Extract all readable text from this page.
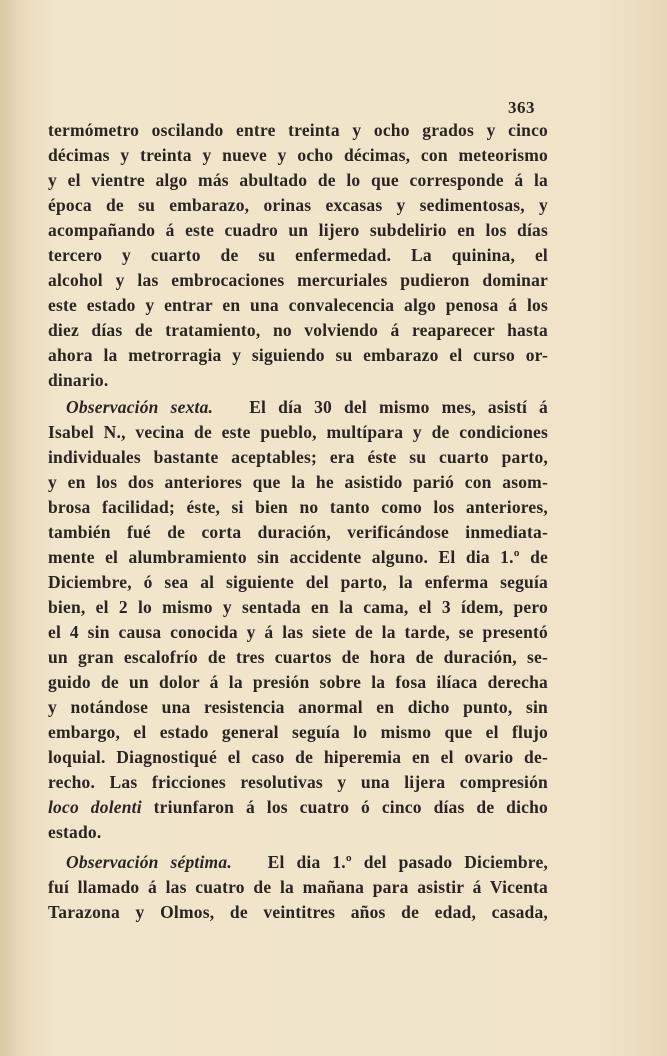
363
termómetro oscilando entre treinta y ocho grados y cinco
décimas y treinta y nueve y ocho décimas, con meteorismo
y el vientre algo más abultado de lo que corresponde á la
época de su embarazo, orinas excasas y sedimentosas, y
acompañando á este cuadro un lijero subdelirio en los días
tercero y cuarto de su enfermedad. La quinina, el
alcohol y las embrocaciones mercuriales pudieron dominar
este estado y entrar en una convalecencia algo penosa á los
diez días de tratamiento, no volviendo á reaparecer hasta
ahora la metrorragia y siguiendo su embarazo el curso or-
dinario.
Observación sexta. El día 30 del mismo mes, asistí á
Isabel N., vecina de este pueblo, multípara y de condiciones
individuales bastante aceptables; era éste su cuarto parto,
y en los dos anteriores que la he asistido parió con asom-
brosa facilidad; éste, si bien no tanto como los anteriores,
también fué de corta duración, verificándose inmediata-
mente el alumbramiento sin accidente alguno. El dia 1.º de
Diciembre, ó sea al siguiente del parto, la enferma seguía
bien, el 2 lo mismo y sentada en la cama, el 3 ídem, pero
el 4 sin causa conocida y á las siete de la tarde, se presentó
un gran escalofrío de tres cuartos de hora de duración, se-
guido de un dolor á la presión sobre la fosa ilíaca derecha
y notándose una resistencia anormal en dicho punto, sin
embargo, el estado general seguía lo mismo que el flujo
loquial. Diagnostiqué el caso de hiperemia en el ovario de-
recho. Las fricciones resolutivas y una lijera compresión
loco dolenti triunfaron á los cuatro ó cinco días de dicho
estado.
Observación séptima. El dia 1.º del pasado Diciembre,
fuí llamado á las cuatro de la mañana para asistir á Vicenta
Tarazona y Olmos, de veintitres años de edad, casada,
